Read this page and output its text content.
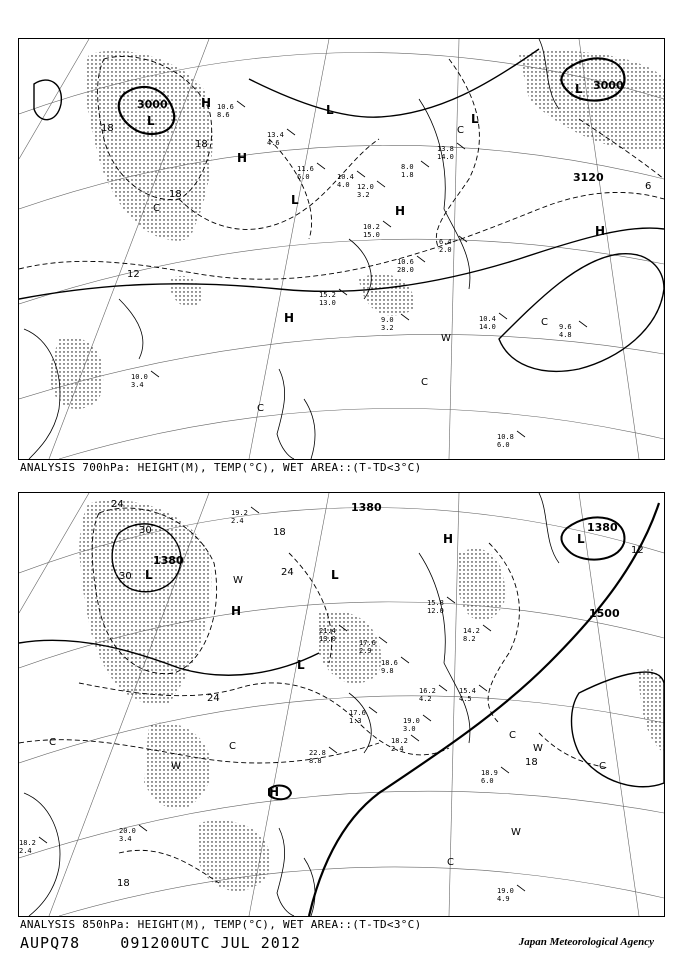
3000
3000
3120
18
18
18
12
6
H
H
H
H
H
L
L
L
L
L
C
C
C
C
C
W
10.6
8.6
13.4
4.6
11.6
6.0	10.4
4.0 12.0
3.2
10.2
15.0
10.6
28.0
8.0
1.8
13.8
14.0
15.2
13.0
9.0
3.2
10.4
14.0	9.6
4.8
10.0
3.4
10.8
6.0
6.4
2.0
ANALYSIS 700hPa: HEIGHT(M), TEMP(°C), WET AREA::(T-TD<3°C)
1380
1380
1380
1500
30
30
24
24
24
18
18
18
12
H
H
H
L	L
L
L
C	C
C
C
C
W
W
W
W
19.2
2.4
21.4
13.0	17.6
2.9
15.8
12.0
18.6
9.8
17.6
1.3
16.2
4.2
15.4
4.5
18.2
2.4
19.0
3.0
18.9
6.0
19.0
4.9
18.2
2.4
20.0
3.4
22.8
8.8
14.2
8.2
ANALYSIS 850hPa: HEIGHT(M), TEMP(°C), WET AREA::(T-TD<3°C)
AUPQ78    091200UTC JUL 2012	Japan Meteorological Agency
